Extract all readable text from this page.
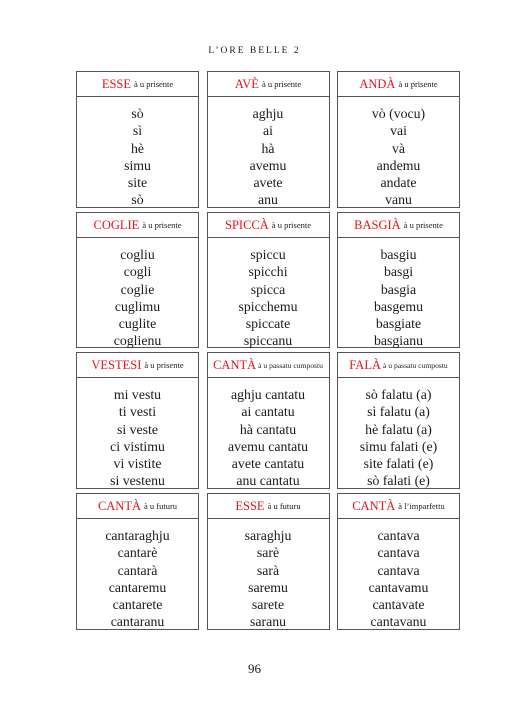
L’ORE BELLE 2
ESSE à u prisente
sò
sì
hè
simu
site
sò
AVÈ à u prisente
aghju
ai
hà
avemu
avete
anu
ANDÀ à u prisente
vò (vocu)
vai
và
andemu
andate
vanu
COGLIE à u prisente
cogliu
cogli
coglie
cuglimu
cuglite
coglienu
SPICCÀ à u prisente
spiccu
spicchi
spicca
spicchemu
spiccate
spiccanu
BASGIÀ à u prisente
basgiu
basgi
basgia
basgemu
basgiate
basgianu
VESTESI à u prisente
mi vestu
ti vesti
si veste
ci vistimu
vi vistite
si vestenu
CANTÀ à u passatu cumpostu
aghju cantatu
ai cantatu
hà cantatu
avemu cantatu
avete cantatu
anu cantatu
FALÀ à u passatu cumpostu
sò falatu (a)
sì falatu (a)
hè falatu (a)
simu falati (e)
site falati (e)
sò falati (e)
CANTÀ à u futuru
cantaraghju
cantarè
cantarà
cantaremu
cantarete
cantaranu
ESSE à u futuru
saraghju
sarè
sarà
saremu
sarete
saranu
CANTÀ à l’imparfettu
cantava
cantava
cantava
cantavamu
cantavate
cantavanu
96
